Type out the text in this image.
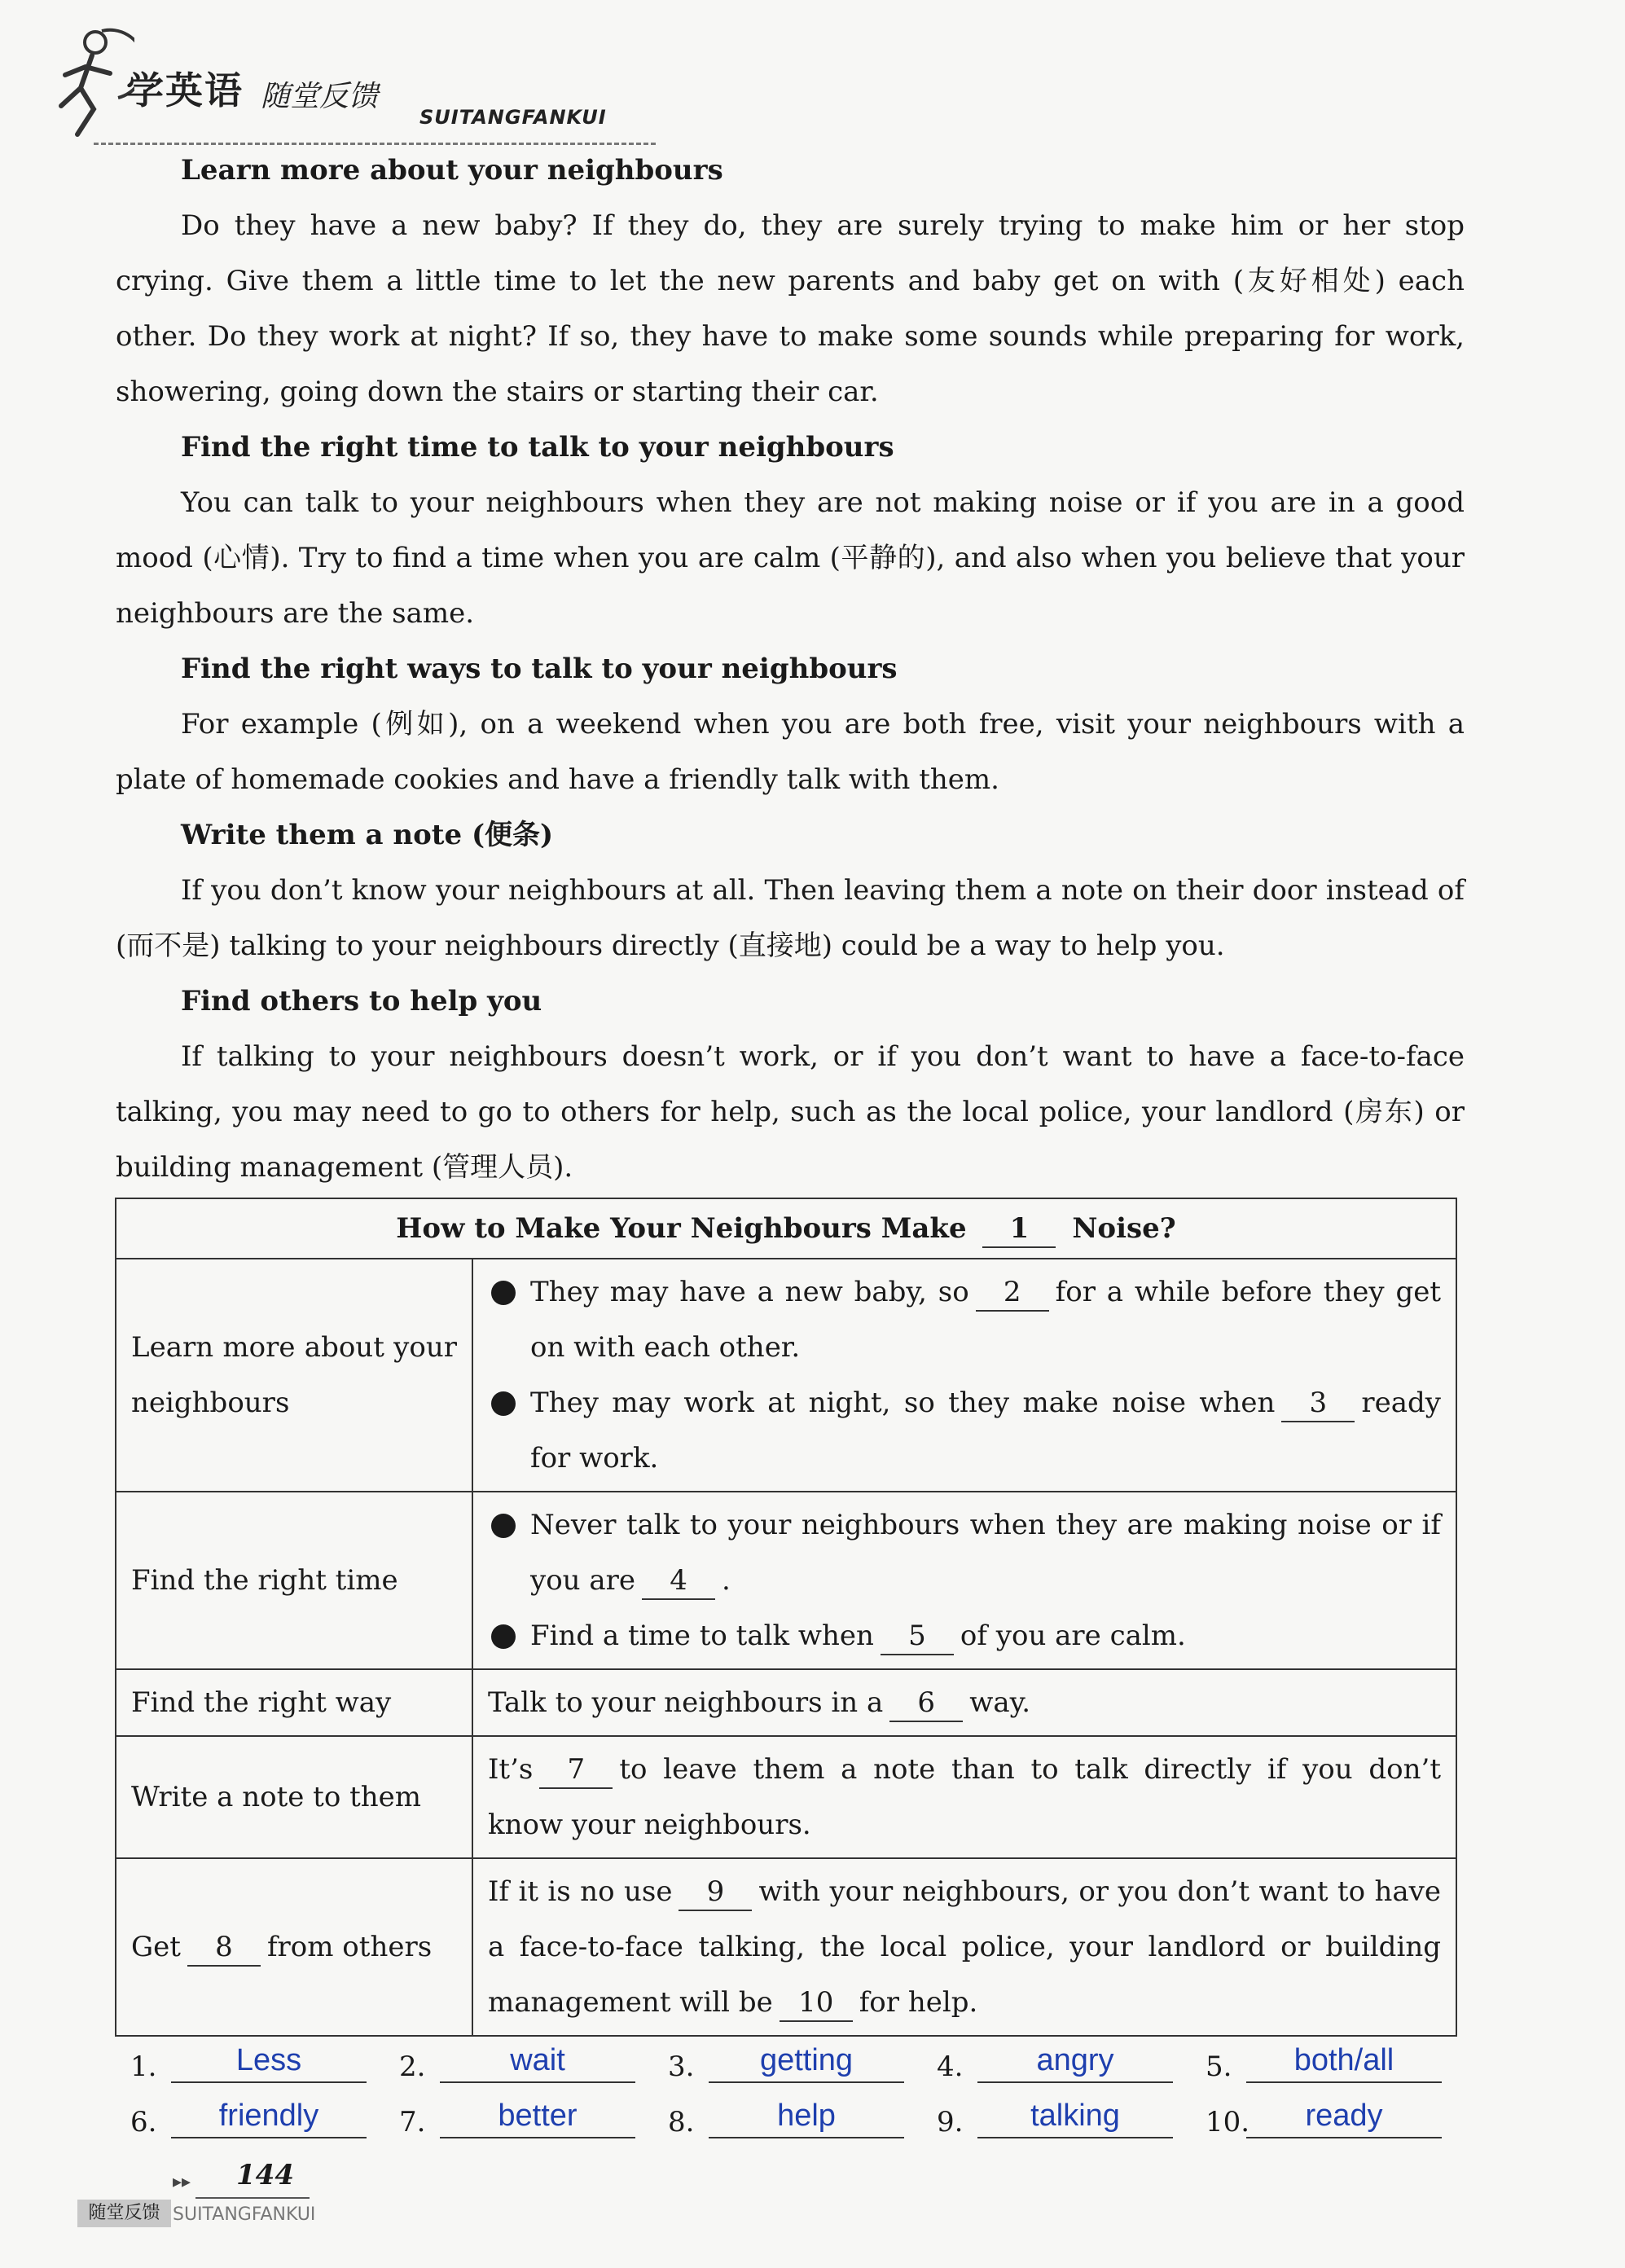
学英语 随堂反馈
SUITANGFANKUI
Learn more about your neighbours

Do they have a new baby? If they do, they are surely trying to make him or her stop crying. Give them a little time to let the new parents and baby get on with (友好相处) each other. Do they work at night? If so, they have to make some sounds while preparing for work, showering, going down the stairs or starting their car.

Find the right time to talk to your neighbours

You can talk to your neighbours when they are not making noise or if you are in a good mood (心情). Try to find a time when you are calm (平静的), and also when you believe that your neighbours are the same.

Find the right ways to talk to your neighbours

For example (例如), on a weekend when you are both free, visit your neighbours with a plate of homemade cookies and have a friendly talk with them.

Write them a note (便条)

If you don’t know your neighbours at all. Then leaving them a note on their door instead of (而不是) talking to your neighbours directly (直接地) could be a way to help you.

Find others to help you

If talking to your neighbours doesn’t work, or if you don’t want to have a face-to-face talking, you may need to go to others for help, such as the local police, your landlord (房东) or building management (管理人员).

How to Make Your Neighbours Make 1 Noise?	
Learn more about your neighbours	They may have a new baby, so 2 for a while before they get on with each other.
They may work at night, so they make noise when 3 ready for work.

Find the right time	Never talk to your neighbours when they are making noise or if you are 4 .
Find a time to talk when 5 of you are calm.

Find the right way	Talk to your neighbours in a 6 way.
Write a note to them	It’s 7 to leave them a note than to talk directly if you don’t know your neighbours.
Get 8 from others	If it is no use 9 with your neighbours, or you don’t want to have a face-to-face talking, the local police, your landlord or building management will be 10 for help.
1.	Less	2.	wait	3.	getting	4.	angry	5.	both/all
6.	friendly	7.	better	8.	help	9.	talking	10.	ready
▸▸ 144
随堂反馈 SUITANGFANKUI
